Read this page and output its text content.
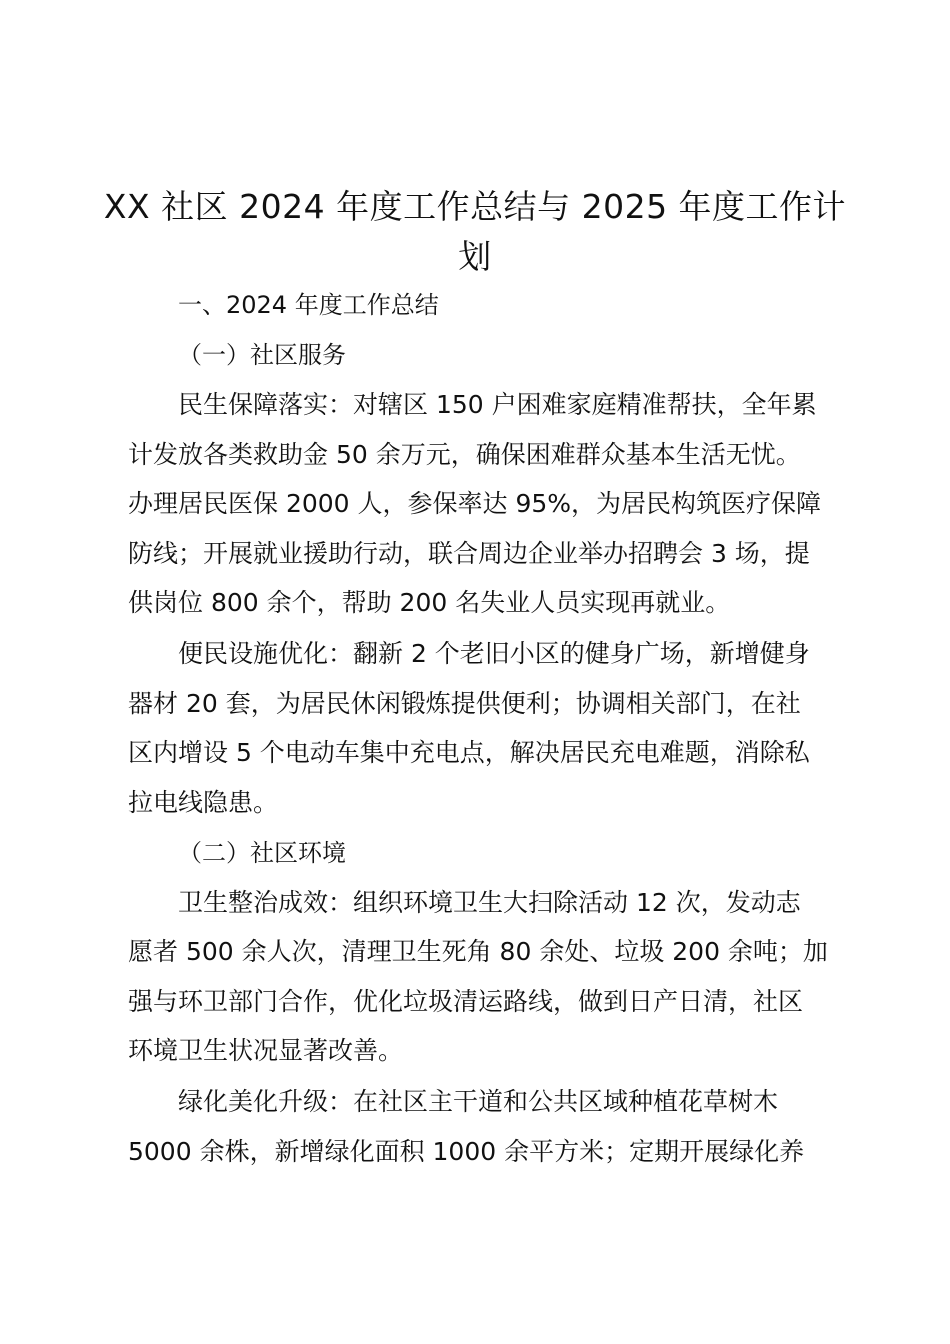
XX 社区 2024 年度工作总结与 2025 年度工作计
划

一、2024 年度工作总结

（一）社区服务

民生保障落实：对辖区 150 户困难家庭精准帮扶，全年累

计发放各类救助金 50 余万元，确保困难群众基本生活无忧。

办理居民医保 2000 人，参保率达 95%，为居民构筑医疗保障

防线；开展就业援助行动，联合周边企业举办招聘会 3 场，提

供岗位 800 余个，帮助 200 名失业人员实现再就业。

便民设施优化：翻新 2 个老旧小区的健身广场，新增健身

器材 20 套，为居民休闲锻炼提供便利；协调相关部门，在社

区内增设 5 个电动车集中充电点，解决居民充电难题，消除私

拉电线隐患。

（二）社区环境

卫生整治成效：组织环境卫生大扫除活动 12 次，发动志

愿者 500 余人次，清理卫生死角 80 余处、垃圾 200 余吨；加

强与环卫部门合作，优化垃圾清运路线，做到日产日清，社区

环境卫生状况显著改善。

绿化美化升级：在社区主干道和公共区域种植花草树木

5000 余株，新增绿化面积 1000 余平方米；定期开展绿化养
